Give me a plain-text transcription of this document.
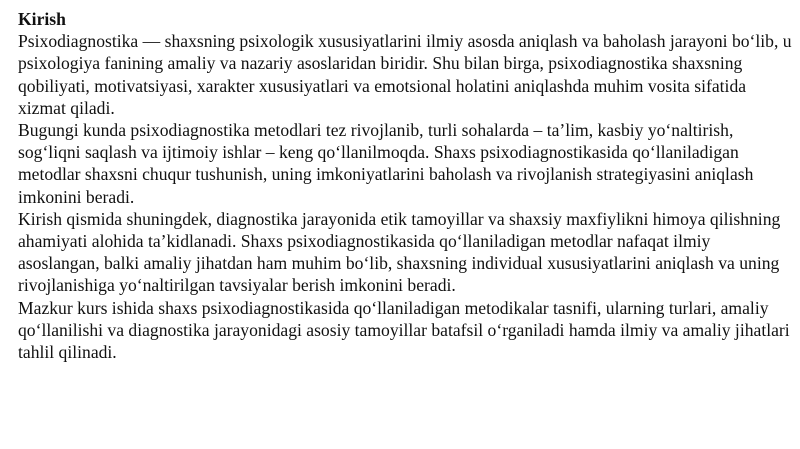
Kirish

Psixodiagnostika — shaxsning psixologik xususiyatlarini ilmiy asosda aniqlash va baholash jarayoni bo‘lib, u psixologiya fanining amaliy va nazariy asoslaridan biridir. Shu bilan birga, psixodiagnostika shaxsning qobiliyati, motivatsiyasi, xarakter xususiyatlari va emotsional holatini aniqlashda muhim vosita sifatida xizmat qiladi.

Bugungi kunda psixodiagnostika metodlari tez rivojlanib, turli sohalarda – ta’lim, kasbiy yo‘naltirish, sog‘liqni saqlash va ijtimoiy ishlar – keng qo‘llanilmoqda. Shaxs psixodiagnostikasida qo‘llaniladigan metodlar shaxsni chuqur tushunish, uning imkoniyatlarini baholash va rivojlanish strategiyasini aniqlash imkonini beradi.

Kirish qismida shuningdek, diagnostika jarayonida etik tamoyillar va shaxsiy maxfiylikni himoya qilishning ahamiyati alohida ta’kidlanadi. Shaxs psixodiagnostikasida qo‘llaniladigan metodlar nafaqat ilmiy asoslangan, balki amaliy jihatdan ham muhim bo‘lib, shaxsning individual xususiyatlarini aniqlash va uning rivojlanishiga yo‘naltirilgan tavsiyalar berish imkonini beradi.

Mazkur kurs ishida shaxs psixodiagnostikasida qo‘llaniladigan metodikalar tasnifi, ularning turlari, amaliy qo‘llanilishi va diagnostika jarayonidagi asosiy tamoyillar batafsil o‘rganiladi hamda ilmiy va amaliy jihatlari tahlil qilinadi.
